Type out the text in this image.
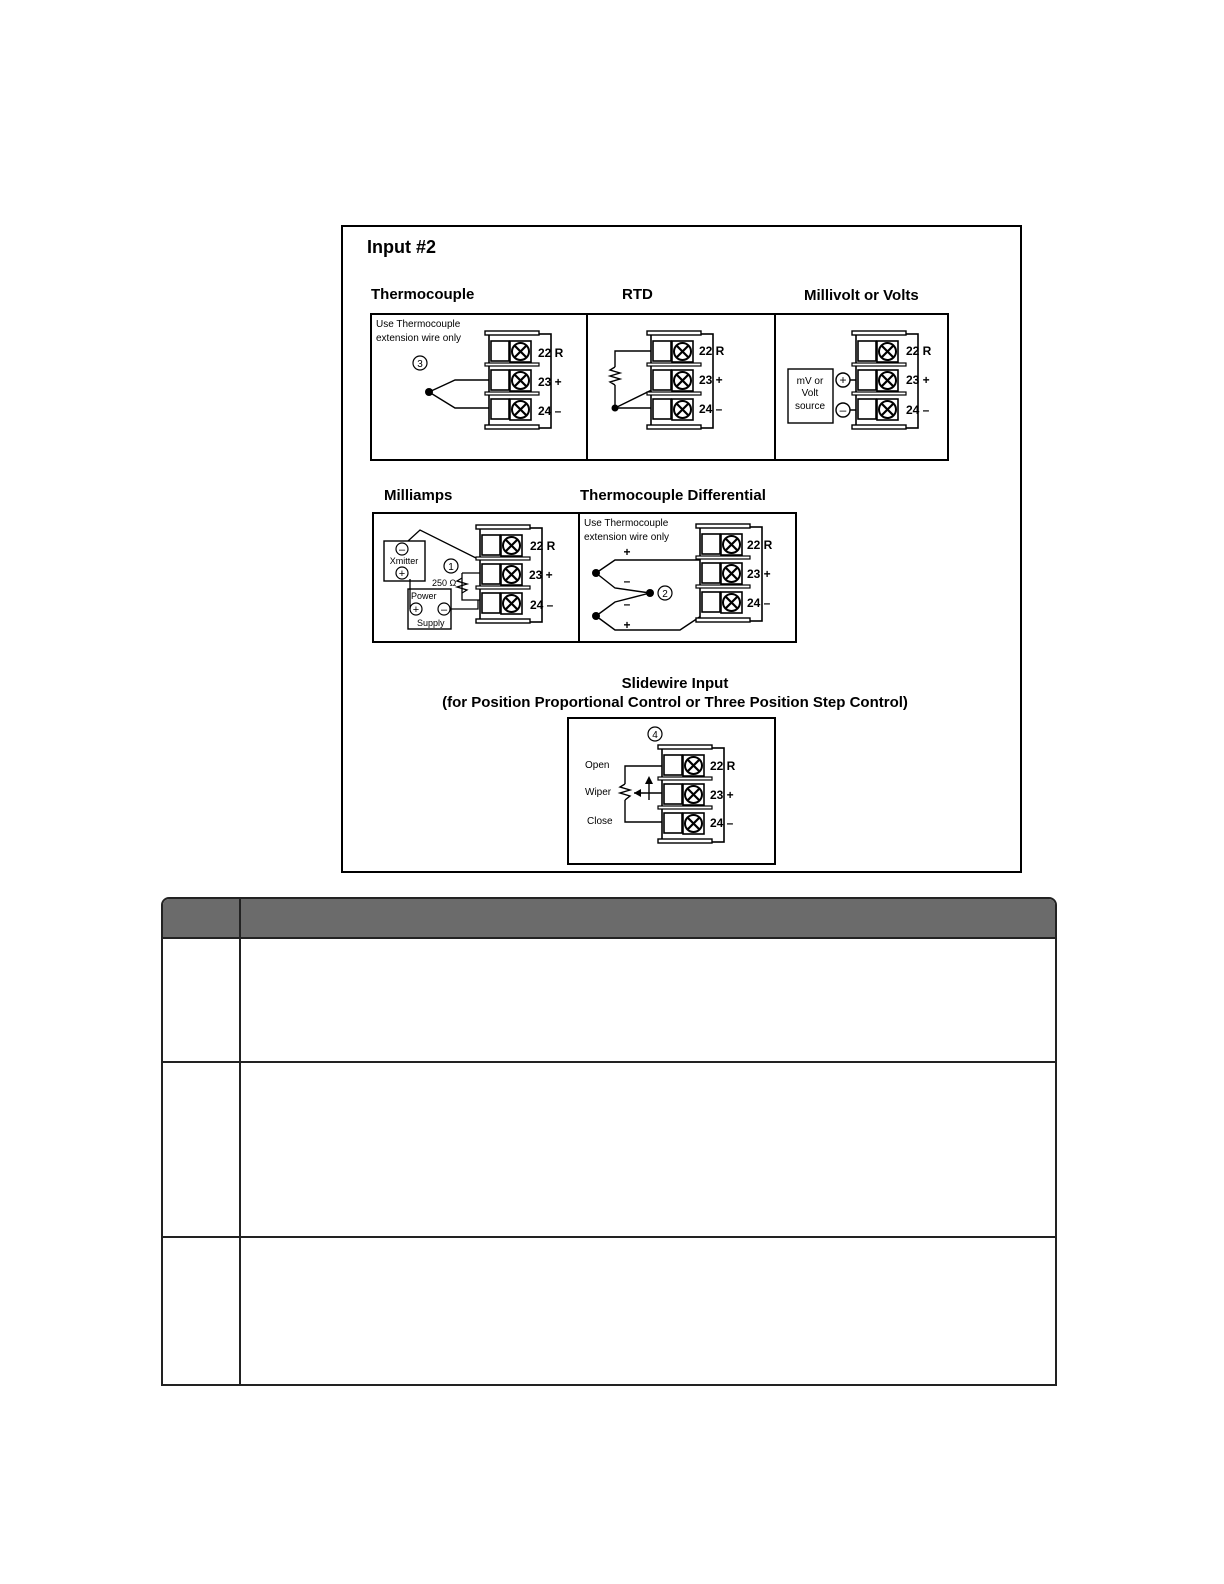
Input #2
Thermocouple	RTD	Millivolt or Volts
Use Thermocouple
extension wire only
3
22 R
23 +
24 –
22 R
23 +
24 –
mV or
Volt
source
+
–
22 R
23 +
24 –
Milliamps	Thermocouple Differential
–
Xmitter
+
Power
+ –
Supply
1
250 Ω
22 R
23 +
24 –
Use Thermocouple
extension wire only
2
+
–
–
+
22 R
23 +
24 –
Slidewire Input
(for Position Proportional Control or Three Position Step Control)
4
Open
Wiper
Close
22 R
23 +
24 –
